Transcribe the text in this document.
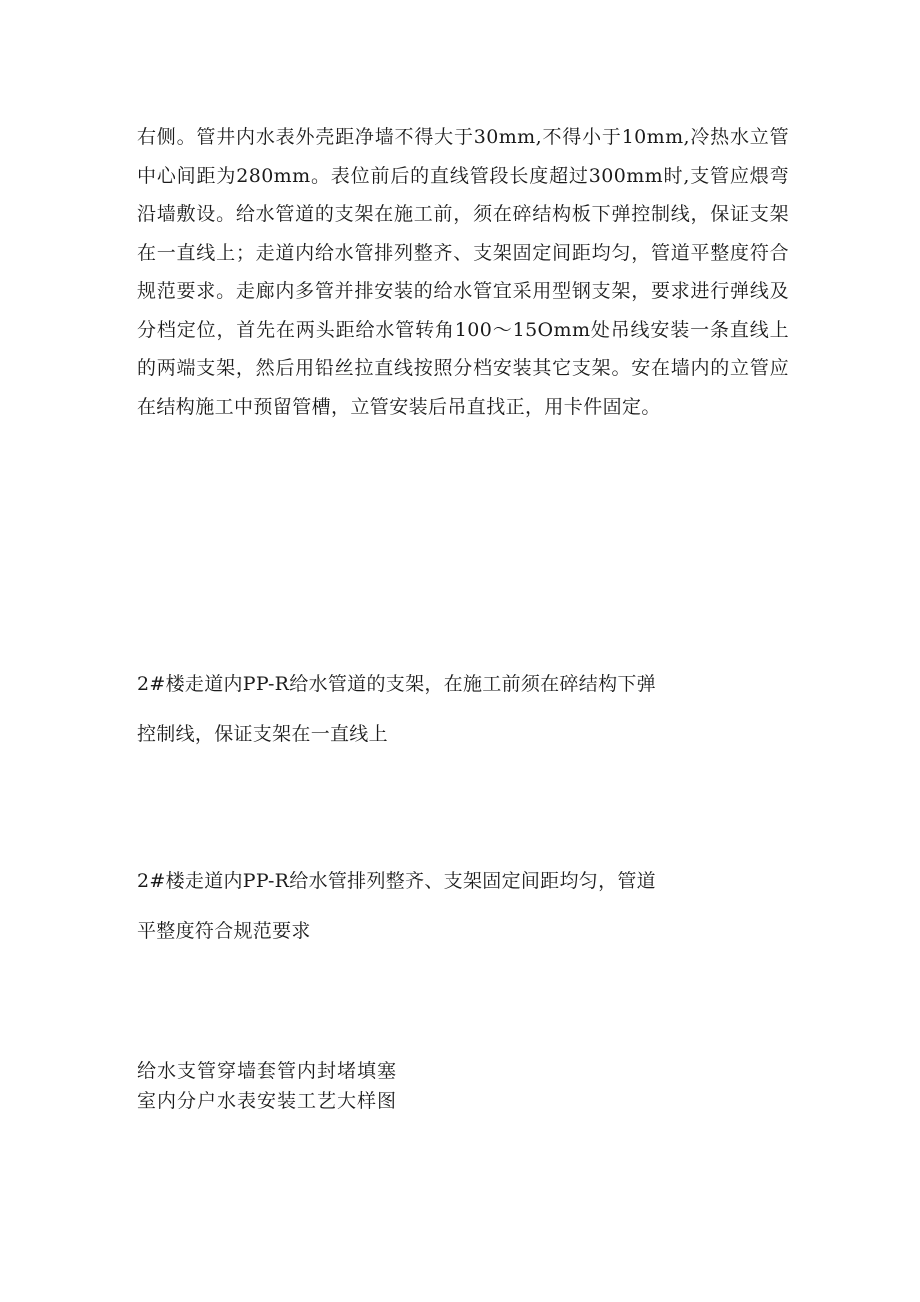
右侧。管井内水表外壳距净墙不得大于30mm,不得小于10mm,冷热水立管中心间距为280mm。表位前后的直线管段长度超过300mm时,支管应煨弯沿墙敷设。给水管道的支架在施工前，须在碎结构板下弹控制线，保证支架在一直线上；走道内给水管排列整齐、支架固定间距均匀，管道平整度符合规范要求。走廊内多管并排安装的给水管宜采用型钢支架，要求进行弹线及分档定位，首先在两头距给水管转角100～15Omm处吊线安装一条直线上的两端支架，然后用铅丝拉直线按照分档安装其它支架。安在墙内的立管应在结构施工中预留管槽，立管安装后吊直找正，用卡件固定。

2#楼走道内PP-R给水管道的支架，在施工前须在碎结构下弹
控制线，保证支架在一直线上

2#楼走道内PP-R给水管排列整齐、支架固定间距均匀，管道
平整度符合规范要求

给水支管穿墙套管内封堵填塞
室内分户水表安装工艺大样图
